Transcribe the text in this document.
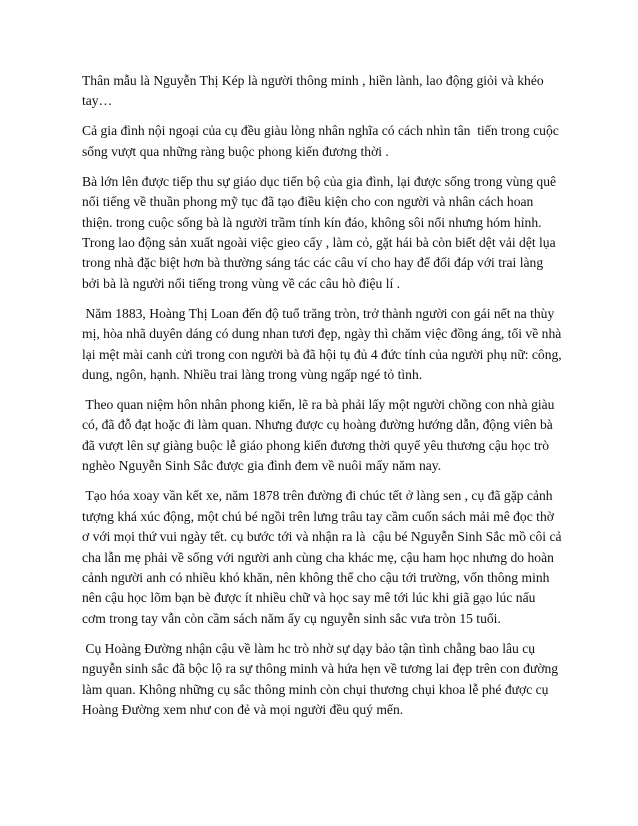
Thân mẫu là Nguyễn Thị Kép là người thông minh , hiền lành, lao động giỏi và khéo tay…

Cả gia đình nội ngoại của cụ đều giàu lòng nhân nghĩa có cách nhìn tân  tiến trong cuộc sống vượt qua những ràng buộc phong kiến đương thời .

Bà lớn lên được tiếp thu sự giáo dục tiến bộ của gia đình, lại được sống trong vùng quê nổi tiếng về thuần phong mỹ tục đã tạo điều kiện cho con người và nhân cách hoan thiện. trong cuộc sống bà là người trầm tính kín đáo, không sôi nổi nhưng hóm hỉnh. Trong lao động sản xuất ngoài việc gieo cấy , làm cỏ, gặt hái bà còn biết dệt vải dệt lụa trong nhà đặc biệt hơn bà thường sáng tác các câu ví cho hay để đối đáp với trai làng bởi bà là người nổi tiếng trong vùng về các câu hò điệu lí .

Năm 1883, Hoàng Thị Loan đến độ tuổ trăng tròn, trở thành người con gái nết na thùy mị, hòa nhã duyên dáng có dung nhan tươi đẹp, ngày thì chăm việc đồng áng, tối về nhà lại mệt mài canh cửi trong con người bà đã hội tụ đủ 4 đức tính của người phụ nữ: công, dung, ngôn, hạnh. Nhiều trai làng trong vùng ngấp ngé tỏ tình.

Theo quan niệm hôn nhân phong kiến, lẽ ra bà phải lấy một người chồng con nhà giàu có, đã đỗ đạt hoặc đi làm quan. Nhưng được cụ hoàng đường hướng dẫn, động viên bà đã vượt lên sự giàng buộc lễ giáo phong kiến đương thời quyế yêu thương cậu học trò nghèo Nguyễn Sinh Sắc được gia đình đem về nuôi mấy năm nay.

Tạo hóa xoay vần kết xe, năm 1878 trên đường đi chúc tết ở làng sen , cụ đã gặp cảnh tượng khá xúc động, một chú bé ngồi trên lưng trâu tay cầm cuốn sách mải mê đọc thờ ơ với mọi thứ vui ngày tết. cụ bước tới và nhận ra là  cậu bé Nguyễn Sinh Sắc mồ côi cả cha lẫn mẹ phải về sống với người anh cùng cha khác mẹ, cậu ham học nhưng do hoàn cảnh người anh có nhiều khó khăn, nên không thể cho cậu tới trường, vốn thông minh nên cậu học lõm bạn bè được ít nhiều chữ và học say mê tới lúc khi giã gạo lúc nấu cơm trong tay vẫn còn cầm sách năm ấy cụ nguyễn sinh sắc vưa tròn 15 tuổi.

Cụ Hoàng Đường nhận cậu về làm hc trò nhờ sự dạy bảo tận tình chẵng bao lâu cụ nguyễn sinh sắc đã bộc lộ ra sự thông minh và hứa hẹn về tương lai đẹp trên con đường làm quan. Không những cụ sắc thông minh còn chụi thương chụi khoa lễ phé được cụ Hoàng Đường xem như con đẻ và mọi người đều quý mến.
